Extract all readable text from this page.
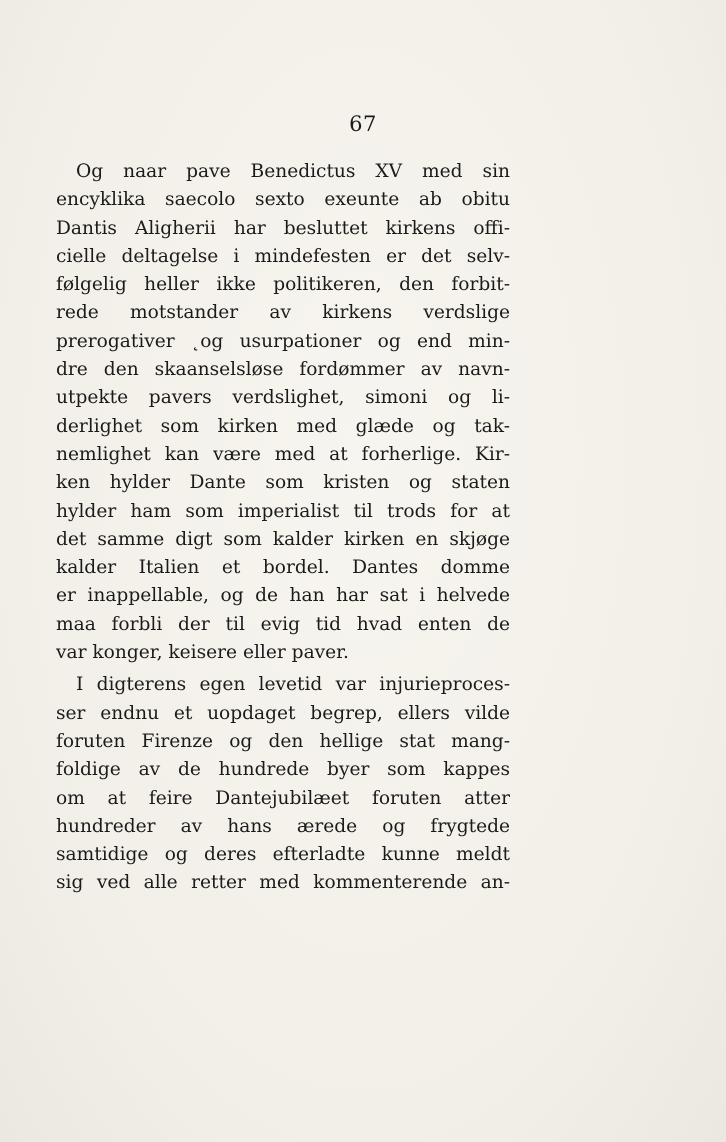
67
Og naar pave Benedictus XV med sin
encyklika saecolo sexto exeunte ab obitu
Dantis Aligherii har besluttet kirkens offi-
cielle deltagelse i mindefesten er det selv-
følgelig heller ikke politikeren, den forbit-
rede motstander av kirkens verdslige
prerogativer ˛og usurpationer og end min-
dre den skaanselsløse fordømmer av navn-
utpekte pavers verdslighet, simoni og li-
derlighet som kirken med glæde og tak-
nemlighet kan være med at forherlige. Kir-
ken hylder Dante som kristen og staten
hylder ham som imperialist til trods for at
det samme digt som kalder kirken en skjøge
kalder Italien et bordel. Dantes domme
er inappellable, og de han har sat i helvede
maa forbli der til evig tid hvad enten de
var konger, keisere eller paver.
I digterens egen levetid var injurieproces-
ser endnu et uopdaget begrep, ellers vilde
foruten Firenze og den hellige stat mang-
foldige av de hundrede byer som kappes
om at feire Dantejubilæet foruten atter
hundreder av hans ærede og frygtede
samtidige og deres efterladte kunne meldt
sig ved alle retter med kommenterende an-
